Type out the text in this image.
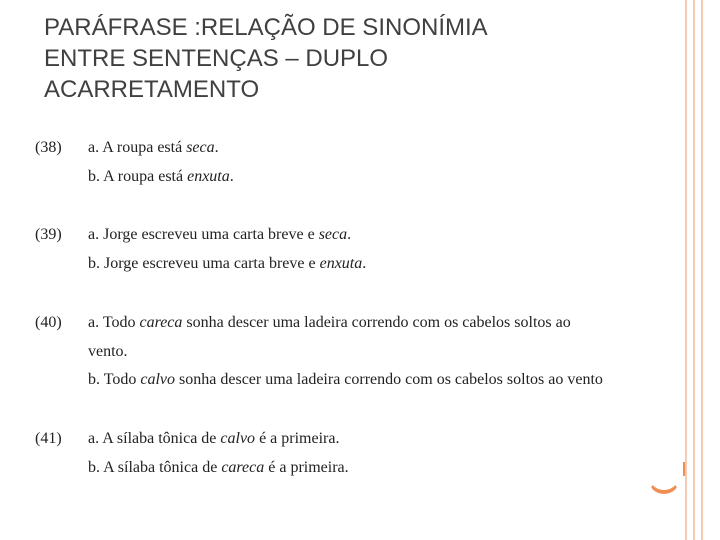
PARÁFRASE :RELAÇÃO DE SINONÍMIA
ENTRE SENTENÇAS – DUPLO
ACARRETAMENTO
(38) a. A roupa está seca.
b. A roupa está enxuta.
(39) a. Jorge escreveu uma carta breve e seca.
b. Jorge escreveu uma carta breve e enxuta.
(40) a. Todo careca sonha descer uma ladeira correndo com os cabelos soltos ao
vento.
b. Todo calvo sonha descer uma ladeira correndo com os cabelos soltos ao vento
(41) a. A sílaba tônica de calvo é a primeira.
b. A sílaba tônica de careca é a primeira.
